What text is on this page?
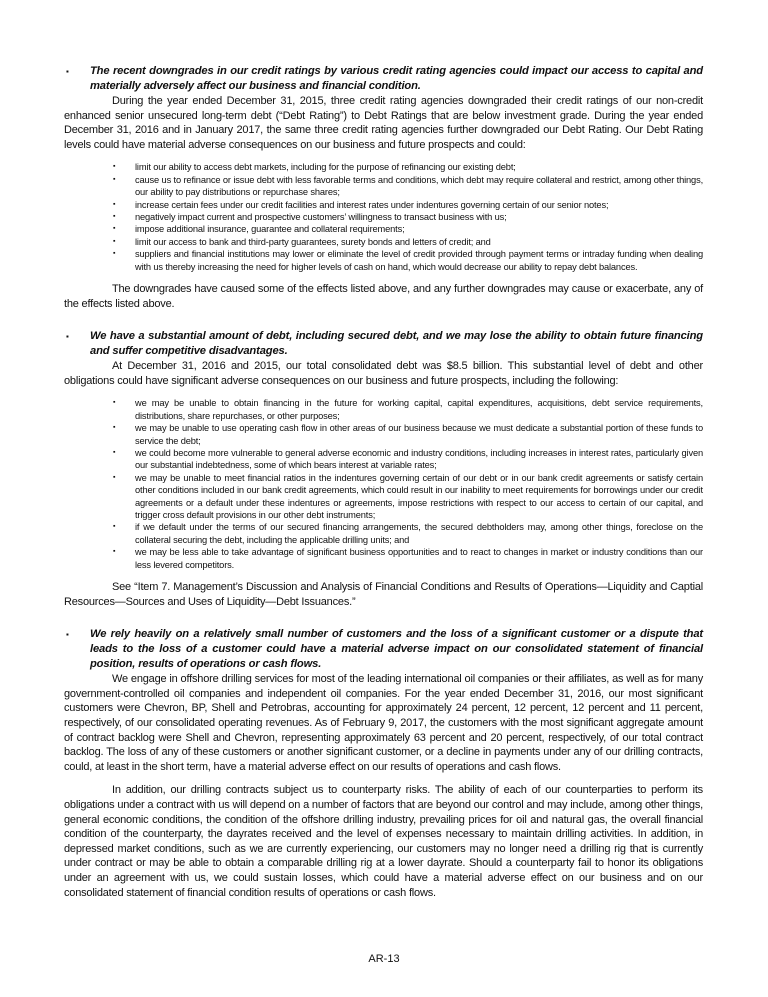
▪ The recent downgrades in our credit ratings by various credit rating agencies could impact our access to capital and materially adversely affect our business and financial condition.

During the year ended December 31, 2015, three credit rating agencies downgraded their credit ratings of our non-credit enhanced senior unsecured long-term debt (“Debt Rating”) to Debt Ratings that are below investment grade. During the year ended December 31, 2016 and in January 2017, the same three credit rating agencies further downgraded our Debt Rating. Our Debt Rating levels could have material adverse consequences on our business and future prospects and could:

▪ limit our ability to access debt markets, including for the purpose of refinancing our existing debt;
▪ cause us to refinance or issue debt with less favorable terms and conditions, which debt may require collateral and restrict, among other things, our ability to pay distributions or repurchase shares;
▪ increase certain fees under our credit facilities and interest rates under indentures governing certain of our senior notes;
▪ negatively impact current and prospective customers’ willingness to transact business with us;
▪ impose additional insurance, guarantee and collateral requirements;
▪ limit our access to bank and third-party guarantees, surety bonds and letters of credit; and
▪ suppliers and financial institutions may lower or eliminate the level of credit provided through payment terms or intraday funding when dealing with us thereby increasing the need for higher levels of cash on hand, which would decrease our ability to repay debt balances.

The downgrades have caused some of the effects listed above, and any further downgrades may cause or exacerbate, any of the effects listed above.

▪ We have a substantial amount of debt, including secured debt, and we may lose the ability to obtain future financing and suffer competitive disadvantages.

At December 31, 2016 and 2015, our total consolidated debt was $8.5 billion. This substantial level of debt and other obligations could have significant adverse consequences on our business and future prospects, including the following:

▪ we may be unable to obtain financing in the future for working capital, capital expenditures, acquisitions, debt service requirements, distributions, share repurchases, or other purposes;
▪ we may be unable to use operating cash flow in other areas of our business because we must dedicate a substantial portion of these funds to service the debt;
▪ we could become more vulnerable to general adverse economic and industry conditions, including increases in interest rates, particularly given our substantial indebtedness, some of which bears interest at variable rates;
▪ we may be unable to meet financial ratios in the indentures governing certain of our debt or in our bank credit agreements or satisfy certain other conditions included in our bank credit agreements, which could result in our inability to meet requirements for borrowings under our credit agreements or a default under these indentures or agreements, impose restrictions with respect to our access to certain of our capital, and trigger cross default provisions in our other debt instruments;
▪ if we default under the terms of our secured financing arrangements, the secured debtholders may, among other things, foreclose on the collateral securing the debt, including the applicable drilling units; and
▪ we may be less able to take advantage of significant business opportunities and to react to changes in market or industry conditions than our less levered competitors.

See “Item 7. Management’s Discussion and Analysis of Financial Conditions and Results of Operations—Liquidity and Captial Resources—Sources and Uses of Liquidity—Debt Issuances.”

▪ We rely heavily on a relatively small number of customers and the loss of a significant customer or a dispute that leads to the loss of a customer could have a material adverse impact on our consolidated statement of financial position, results of operations or cash flows.

We engage in offshore drilling services for most of the leading international oil companies or their affiliates, as well as for many government-controlled oil companies and independent oil companies. For the year ended December 31, 2016, our most significant customers were Chevron, BP, Shell and Petrobras, accounting for approximately 24 percent, 12 percent, 12 percent and 11 percent, respectively, of our consolidated operating revenues. As of February 9, 2017, the customers with the most significant aggregate amount of contract backlog were Shell and Chevron, representing approximately 63 percent and 20 percent, respectively, of our total contract backlog. The loss of any of these customers or another significant customer, or a decline in payments under any of our drilling contracts, could, at least in the short term, have a material adverse effect on our results of operations and cash flows.

In addition, our drilling contracts subject us to counterparty risks. The ability of each of our counterparties to perform its obligations under a contract with us will depend on a number of factors that are beyond our control and may include, among other things, general economic conditions, the condition of the offshore drilling industry, prevailing prices for oil and natural gas, the overall financial condition of the counterparty, the dayrates received and the level of expenses necessary to maintain drilling activities. In addition, in depressed market conditions, such as we are currently experiencing, our customers may no longer need a drilling rig that is currently under contract or may be able to obtain a comparable drilling rig at a lower dayrate. Should a counterparty fail to honor its obligations under an agreement with us, we could sustain losses, which could have a material adverse effect on our business and on our consolidated statement of financial condition results of operations or cash flows.

AR-13
